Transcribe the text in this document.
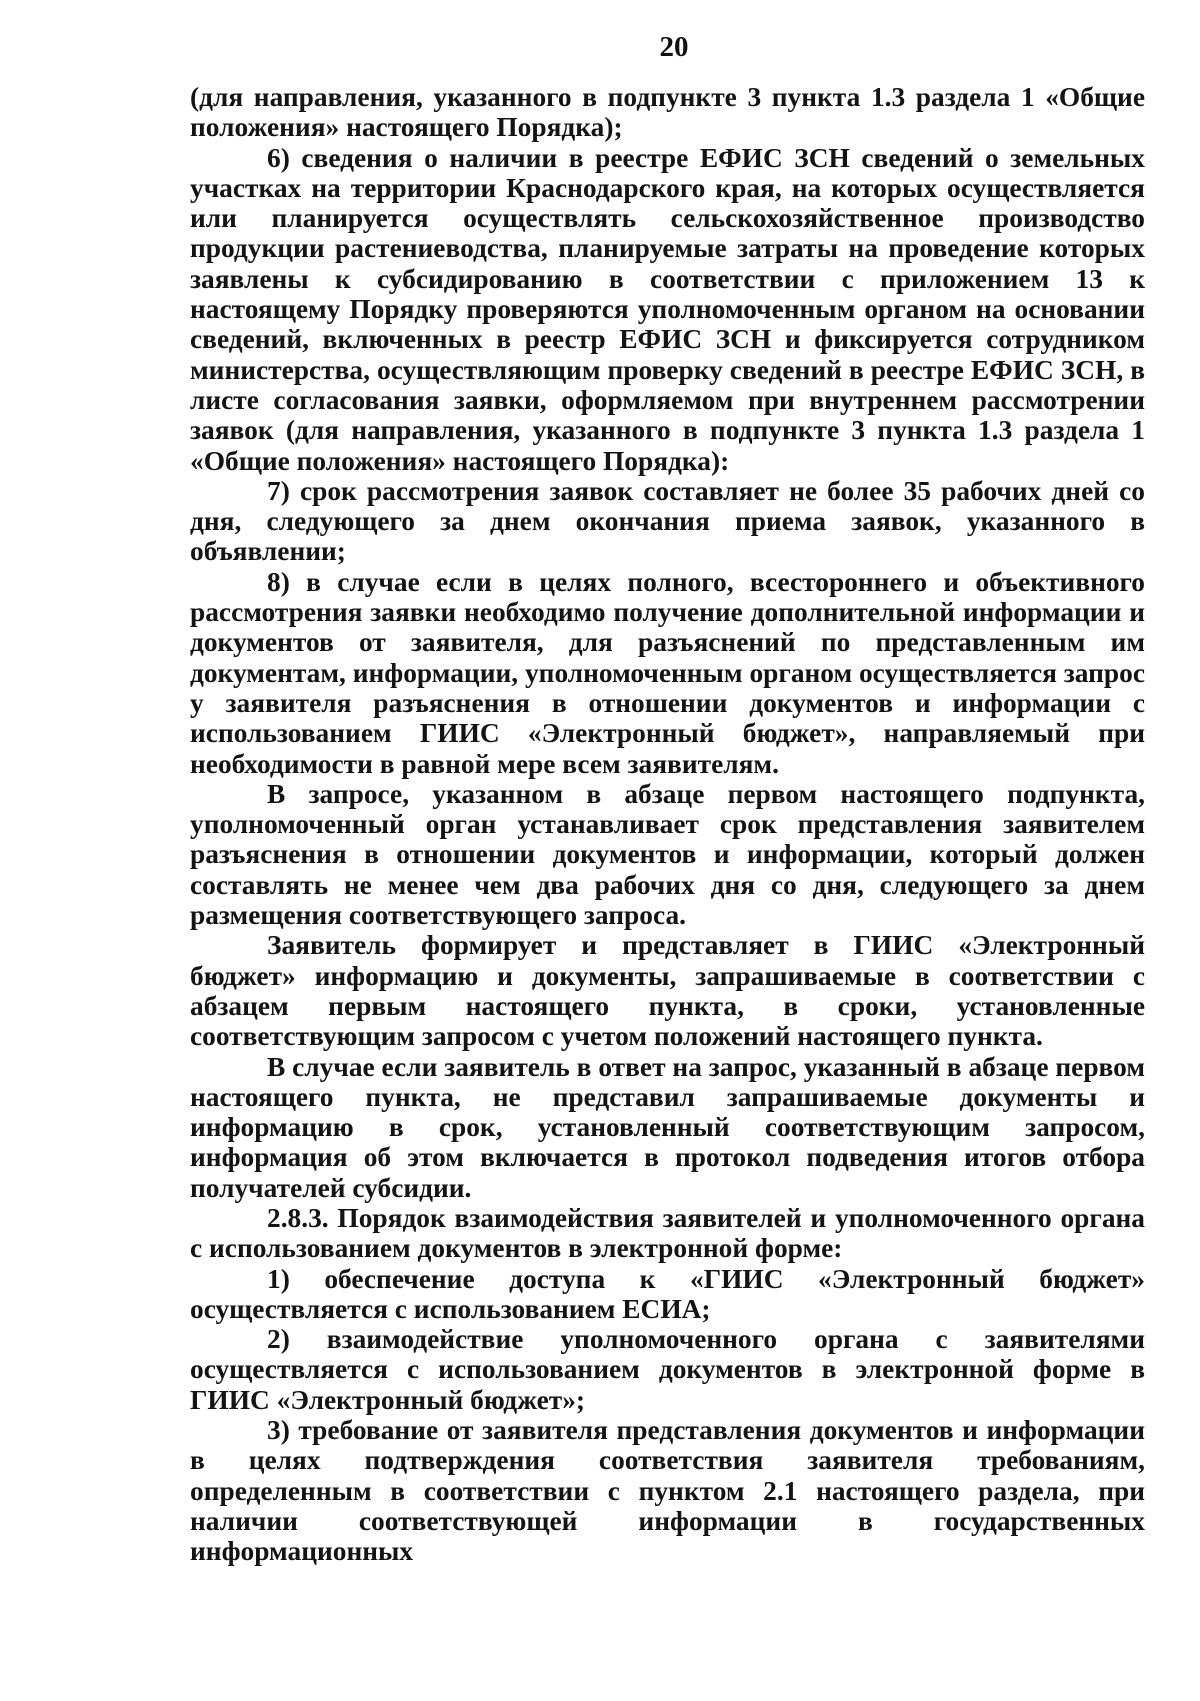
20

(для направления, указанного в подпункте 3 пункта 1.3 раздела 1 «Общие положения» настоящего Порядка);

6) сведения о наличии в реестре ЕФИС ЗСН сведений о земельных участках на территории Краснодарского края, на которых осуществляется или планируется осуществлять сельскохозяйственное производство продукции растениеводства, планируемые затраты на проведение которых заявлены к субсидированию в соответствии с приложением 13 к настоящему Порядку проверяются уполномоченным органом на основании сведений, включенных в реестр ЕФИС ЗСН и фиксируется сотрудником министерства, осуществляющим проверку сведений в реестре ЕФИС ЗСН, в листе согласования заявки, оформляемом при внутреннем рассмотрении заявок (для направления, указанного в подпункте 3 пункта 1.3 раздела 1 «Общие положения» настоящего Порядка):

7) срок рассмотрения заявок составляет не более 35 рабочих дней со дня, следующего за днем окончания приема заявок, указанного в объявлении;

8) в случае если в целях полного, всестороннего и объективного рассмотрения заявки необходимо получение дополнительной информации и документов от заявителя, для разъяснений по представленным им документам, информации, уполномоченным органом осуществляется запрос у заявителя разъяснения в отношении документов и информации с использованием ГИИС «Электронный бюджет», направляемый при необходимости в равной мере всем заявителям.

В запросе, указанном в абзаце первом настоящего подпункта, уполномоченный орган устанавливает срок представления заявителем разъяснения в отношении документов и информации, который должен составлять не менее чем два рабочих дня со дня, следующего за днем размещения соответствующего запроса.

Заявитель формирует и представляет в ГИИС «Электронный бюджет» информацию и документы, запрашиваемые в соответствии с абзацем первым настоящего пункта, в сроки, установленные соответствующим запросом с учетом положений настоящего пункта.

В случае если заявитель в ответ на запрос, указанный в абзаце первом настоящего пункта, не представил запрашиваемые документы и информацию в срок, установленный соответствующим запросом, информация об этом включается в протокол подведения итогов отбора получателей субсидии.

2.8.3. Порядок взаимодействия заявителей и уполномоченного органа с использованием документов в электронной форме:

1) обеспечение доступа к «ГИИС «Электронный бюджет» осуществляется с использованием ЕСИА;

2) взаимодействие уполномоченного органа с заявителями осуществляется с использованием документов в электронной форме в ГИИС «Электронный бюджет»;

3) требование от заявителя представления документов и информации в целях подтверждения соответствия заявителя требованиям, определенным в соответствии с пунктом 2.1 настоящего раздела, при наличии соответствующей информации в государственных информационных
